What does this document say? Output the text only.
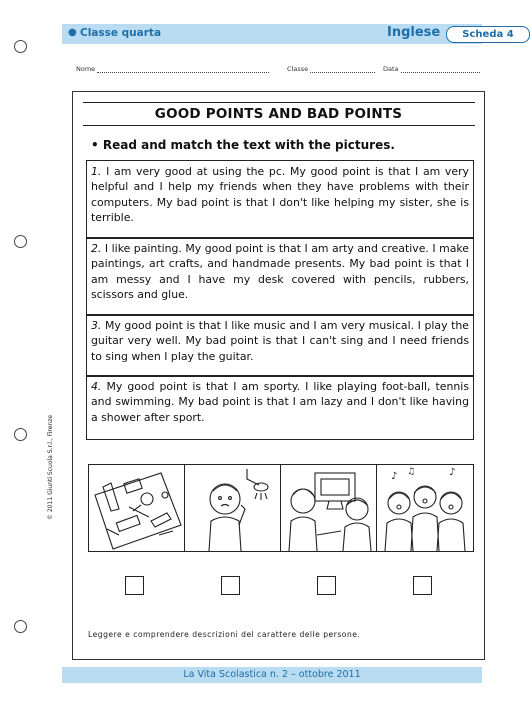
● Classe quarta	Inglese	Scheda 4
Nome	Classe	Data
© 2011 Giunti Scuola S.r.l., Firenze
GOOD POINTS AND BAD POINTS
• Read and match the text with the pictures.
1. I am very good at using the pc. My good point is that I am very helpful and I help my friends when they have problems with their computers. My bad point is that I don't like helping my sister, she is terrible.
2. I like painting. My good point is that I am arty and creative. I make paintings, art crafts, and handmade presents. My bad point is that I am messy and I have my desk covered with pencils, rubbers, scissors and glue.
3. My good point is that I like music and I am very musical. I play the guitar very well. My bad point is that I can't sing and I need friends to sing when I play the guitar.
4. My good point is that I am sporty. I like playing foot-ball, tennis and swimming. My bad point is that I am lazy and I don't like having a shower after sport.
♪ ♫	♪
Leggere e comprendere descrizioni del carattere delle persone.
La Vita Scolastica n. 2 – ottobre 2011
